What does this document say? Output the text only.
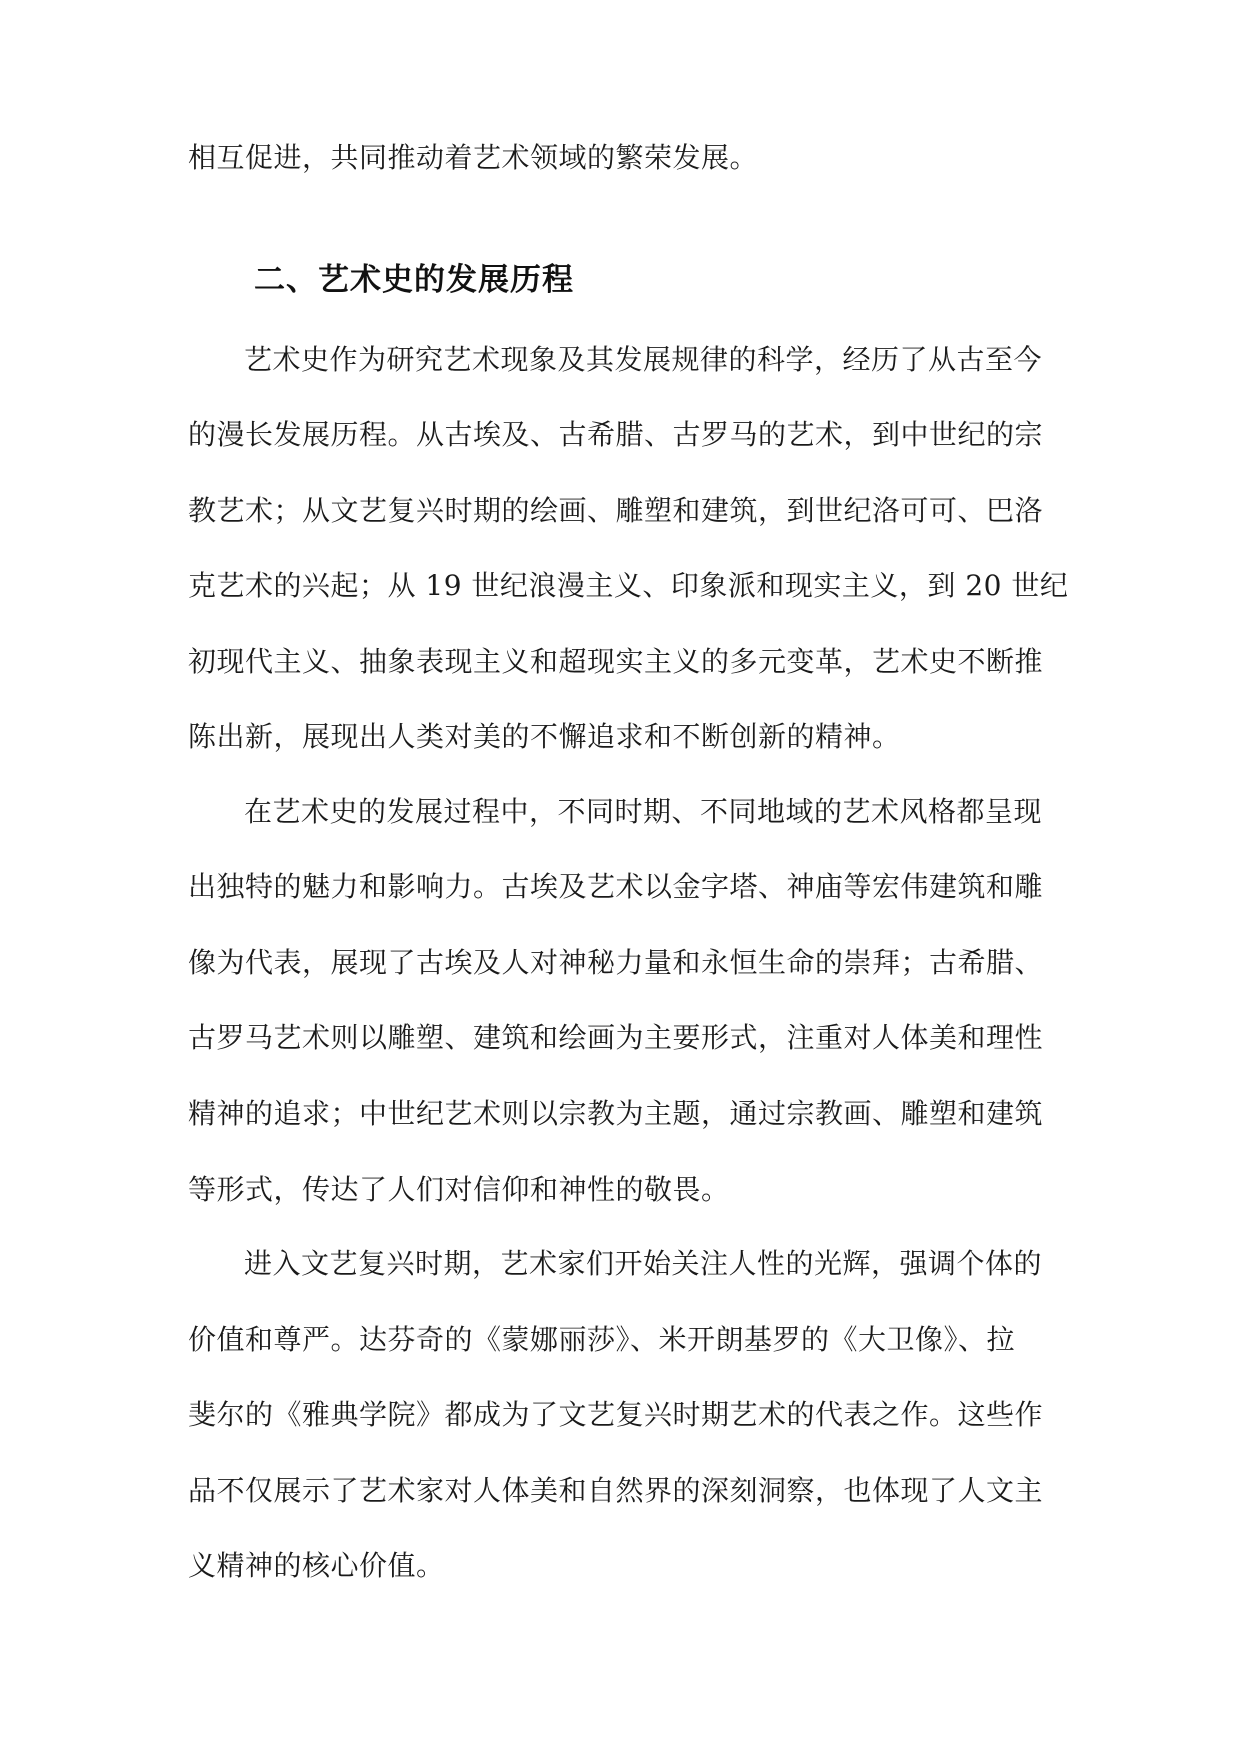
相互促进，共同推动着艺术领域的繁荣发展。
二、艺术史的发展历程
艺术史作为研究艺术现象及其发展规律的科学，经历了从古至今
的漫长发展历程。从古埃及、古希腊、古罗马的艺术，到中世纪的宗
教艺术；从文艺复兴时期的绘画、雕塑和建筑，到世纪洛可可、巴洛
克艺术的兴起；从 19 世纪浪漫主义、印象派和现实主义，到 20 世纪
初现代主义、抽象表现主义和超现实主义的多元变革，艺术史不断推
陈出新，展现出人类对美的不懈追求和不断创新的精神。
在艺术史的发展过程中，不同时期、不同地域的艺术风格都呈现
出独特的魅力和影响力。古埃及艺术以金字塔、神庙等宏伟建筑和雕
像为代表，展现了古埃及人对神秘力量和永恒生命的崇拜；古希腊、
古罗马艺术则以雕塑、建筑和绘画为主要形式，注重对人体美和理性
精神的追求；中世纪艺术则以宗教为主题，通过宗教画、雕塑和建筑
等形式，传达了人们对信仰和神性的敬畏。
进入文艺复兴时期，艺术家们开始关注人性的光辉，强调个体的
价值和尊严。达芬奇的《蒙娜丽莎》、米开朗基罗的《大卫像》、拉
斐尔的《雅典学院》都成为了文艺复兴时期艺术的代表之作。这些作
品不仅展示了艺术家对人体美和自然界的深刻洞察，也体现了人文主
义精神的核心价值。
